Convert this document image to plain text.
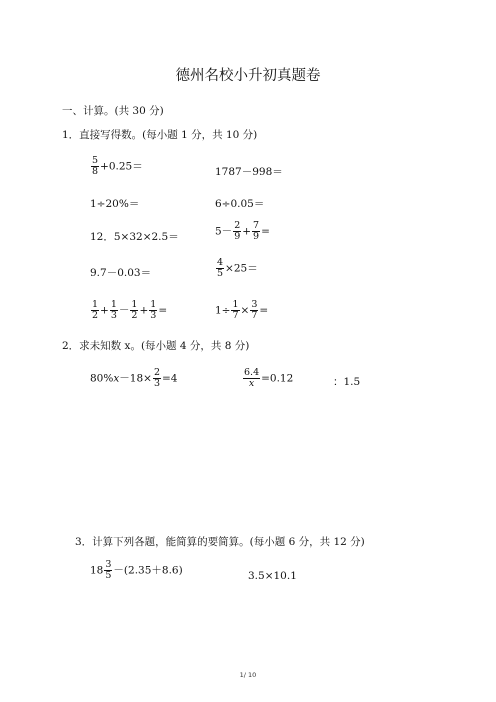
德州名校小升初真题卷
一、计算。(共 30 分)
1．直接写得数。(每小题 1 分，共 10 分)
$\frac{5}{8} +0.25=$	1787－998＝
1÷20%＝	6÷0.05＝
12．5×32×2.5＝	$5- \frac{2}{9} + \frac{7}{9}$ =
9.7－0.03＝	$\frac{4}{5} \times 25=$
$\frac{1}{2} + \frac{1}{3} - \frac{1}{2} + \frac{1}{3}$ =	$1\div \frac{1}{7} \times \frac{3}{7}$ =
2．求未知数 x。(每小题 4 分，共 8 分)
$80\%x-18\times \frac{2}{3} =4$	$\frac{6.4}{x} =0.12$	：1.5
3．计算下列各题，能简算的要简算。(每小题 6 分，共 12 分)
$18 \frac{3}{5} -(2.35+8.6)$	3.5×10.1
1/ 10
